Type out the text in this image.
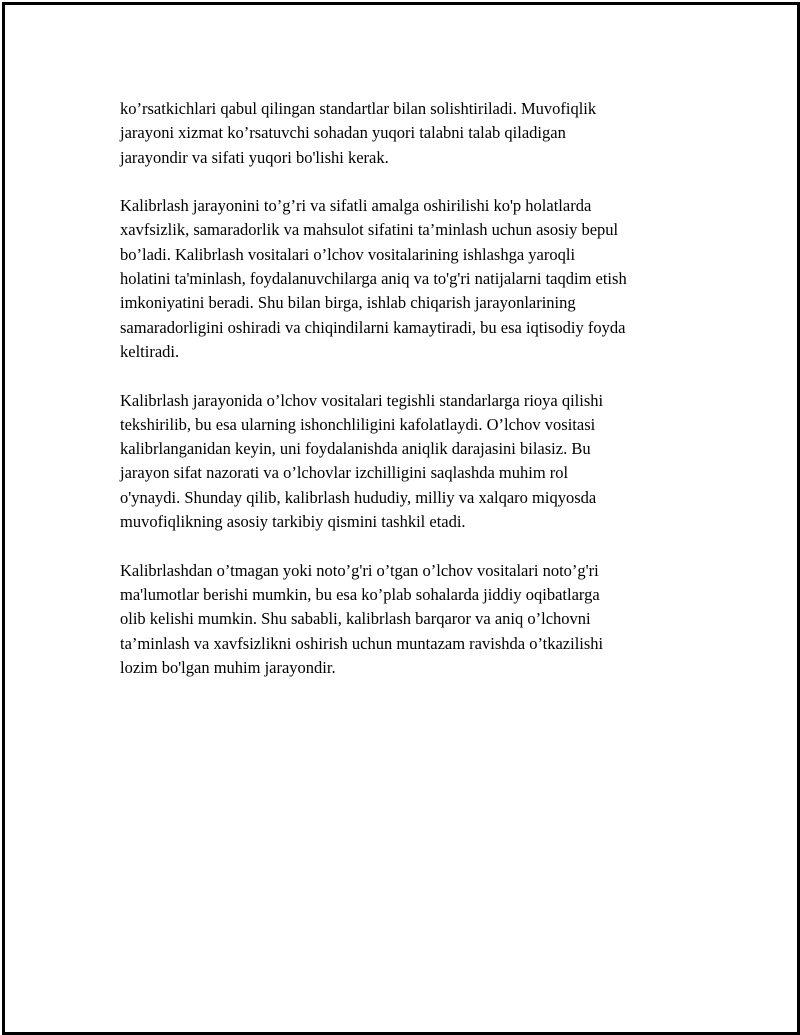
ko’rsatkichlari qabul qilingan standartlar bilan solishtiriladi. Muvofiqlik
jarayoni xizmat ko’rsatuvchi sohadan yuqori talabni talab qiladigan
jarayondir va sifati yuqori bo'lishi kerak.

Kalibrlash jarayonini to’g’ri va sifatli amalga oshirilishi ko'p holatlarda
xavfsizlik, samaradorlik va mahsulot sifatini ta’minlash uchun asosiy bepul
bo’ladi. Kalibrlash vositalari o’lchov vositalarining ishlashga yaroqli
holatini ta'minlash, foydalanuvchilarga aniq va to'g'ri natijalarni taqdim etish
imkoniyatini beradi. Shu bilan birga, ishlab chiqarish jarayonlarining
samaradorligini oshiradi va chiqindilarni kamaytiradi, bu esa iqtisodiy foyda
keltiradi.

Kalibrlash jarayonida o’lchov vositalari tegishli standarlarga rioya qilishi
tekshirilib, bu esa ularning ishonchliligini kafolatlaydi. O’lchov vositasi
kalibrlanganidan keyin, uni foydalanishda aniqlik darajasini bilasiz. Bu
jarayon sifat nazorati va o’lchovlar izchilligini saqlashda muhim rol
o'ynaydi. Shunday qilib, kalibrlash hududiy, milliy va xalqaro miqyosda
muvofiqlikning asosiy tarkibiy qismini tashkil etadi.

Kalibrlashdan o’tmagan yoki noto’g'ri o’tgan o’lchov vositalari noto’g'ri
ma'lumotlar berishi mumkin, bu esa ko’plab sohalarda jiddiy oqibatlarga
olib kelishi mumkin. Shu sababli, kalibrlash barqaror va aniq o’lchovni
ta’minlash va xavfsizlikni oshirish uchun muntazam ravishda o’tkazilishi
lozim bo'lgan muhim jarayondir.
